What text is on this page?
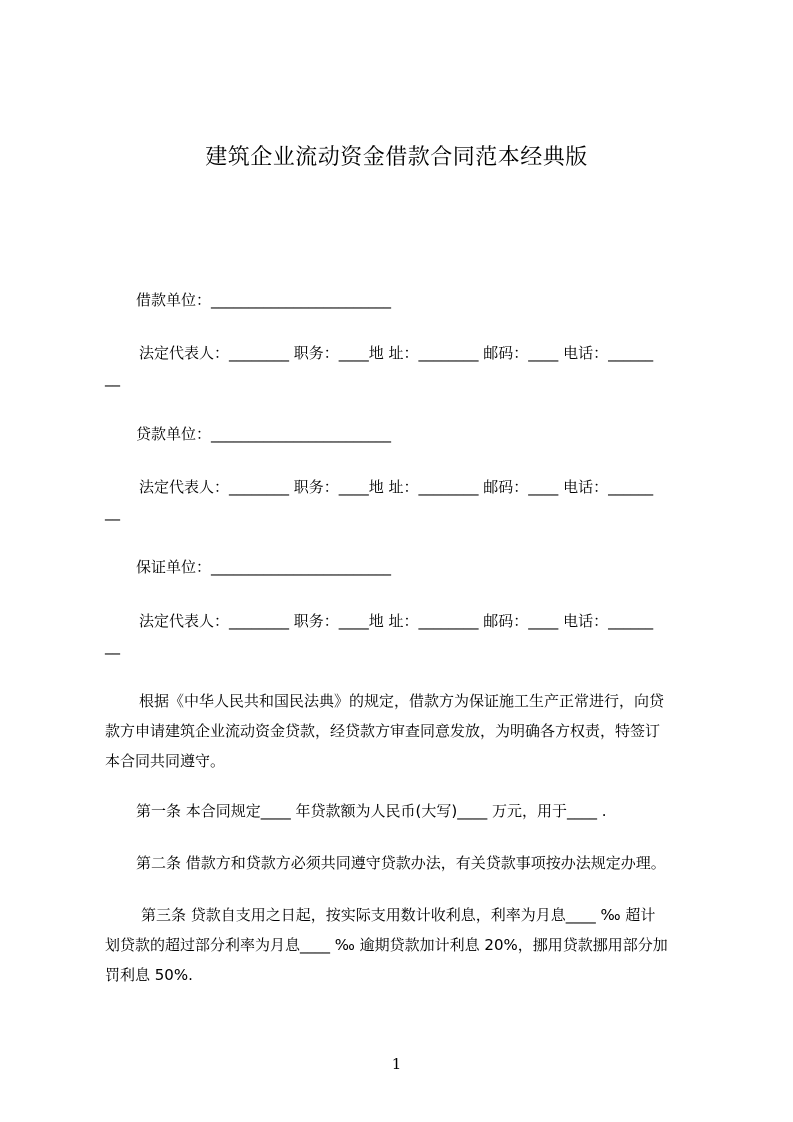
建筑企业流动资金借款合同范本经典版
借款单位：________________________
法定代表人：________ 职务：____地 址：________ 邮码：____ 电话：______
__
贷款单位：________________________
法定代表人：________ 职务：____地 址：________ 邮码：____ 电话：______
__
保证单位：________________________
法定代表人：________ 职务：____地 址：________ 邮码：____ 电话：______
__

根据《中华人民共和国民法典》的规定，借款方为保证施工生产正常进行，向贷

款方申请建筑企业流动资金贷款，经贷款方审查同意发放，为明确各方权责，特签订

本合同共同遵守。

第一条 本合同规定____ 年贷款额为人民币(大写)____ 万元，用于____ .

第二条 借款方和贷款方必须共同遵守贷款办法，有关贷款事项按办法规定办理。

第三条 贷款自支用之日起，按实际支用数计收利息，利率为月息____ ‰ 超计

划贷款的超过部分利率为月息____ ‰ 逾期贷款加计利息 20%，挪用贷款挪用部分加

罚利息 50%.

1
